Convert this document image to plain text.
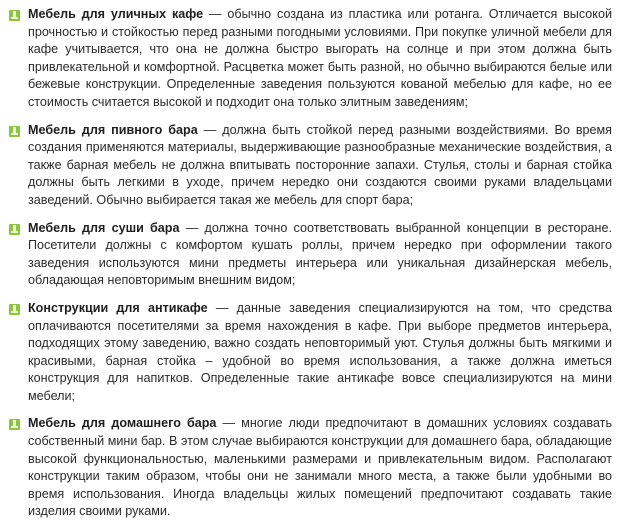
Мебель для уличных кафе — обычно создана из пластика или ротанга. Отличается высокой прочностью и стойкостью перед разными погодными условиями. При покупке уличной мебели для кафе учитывается, что она не должна быстро выгорать на солнце и при этом должна быть привлекательной и комфортной. Расцветка может быть разной, но обычно выбираются белые или бежевые конструкции. Определенные заведения пользуются кованой мебелью для кафе, но ее стоимость считается высокой и подходит она только элитным заведениям;
Мебель для пивного бара — должна быть стойкой перед разными воздействиями. Во время создания применяются материалы, выдерживающие разнообразные механические воздействия, а также барная мебель не должна впитывать посторонние запахи. Стулья, столы и барная стойка должны быть легкими в уходе, причем нередко они создаются своими руками владельцами заведений. Обычно выбирается такая же мебель для спорт бара;
Мебель для суши бара — должна точно соответствовать выбранной концепции в ресторане. Посетители должны с комфортом кушать роллы, причем нередко при оформлении такого заведения используются мини предметы интерьера или уникальная дизайнерская мебель, обладающая неповторимым внешним видом;
Конструкции для антикафе — данные заведения специализируются на том, что средства оплачиваются посетителями за время нахождения в кафе. При выборе предметов интерьера, подходящих этому заведению, важно создать неповторимый уют. Стулья должны быть мягкими и красивыми, барная стойка – удобной во время использования, а также должна иметься конструкция для напитков. Определенные такие антикафе вовсе специализируются на мини мебели;
Мебель для домашнего бара — многие люди предпочитают в домашних условиях создавать собственный мини бар. В этом случае выбираются конструкции для домашнего бара, обладающие высокой функциональностью, маленькими размерами и привлекательным видом. Располагают конструкции таким образом, чтобы они не занимали много места, а также были удобными во время использования. Иногда владельцы жилых помещений предпочитают создавать такие изделия своими руками.
